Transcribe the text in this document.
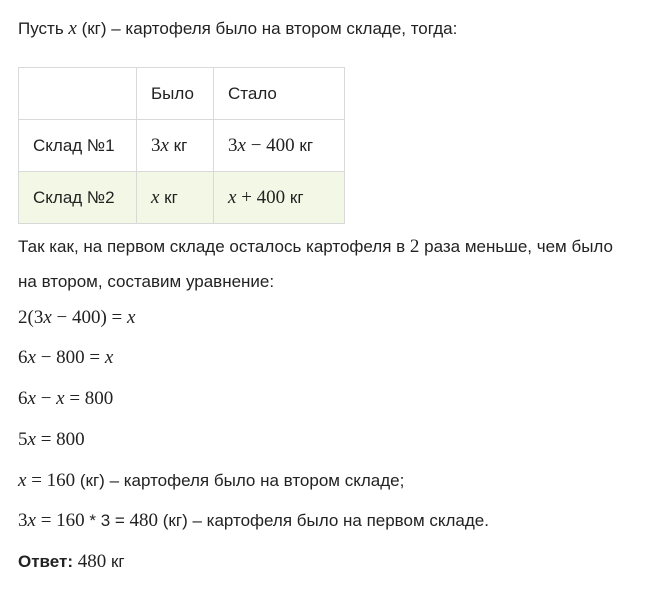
Пусть x (кг) – картофеля было на втором складе, тогда:
	Было	Стало
Склад №1	3x кг	3x − 400 кг
Склад №2	x кг	x + 400 кг
Так как, на первом складе осталось картофеля в 2 раза меньше, чем было
на втором, составим уравнение:
2(3x − 400) = x
6x − 800 = x
6x − x = 800
5x = 800
x = 160 (кг) – картофеля было на втором складе;
3x = 160 * 3 = 480 (кг) – картофеля было на первом складе.
Ответ: 480 кг
